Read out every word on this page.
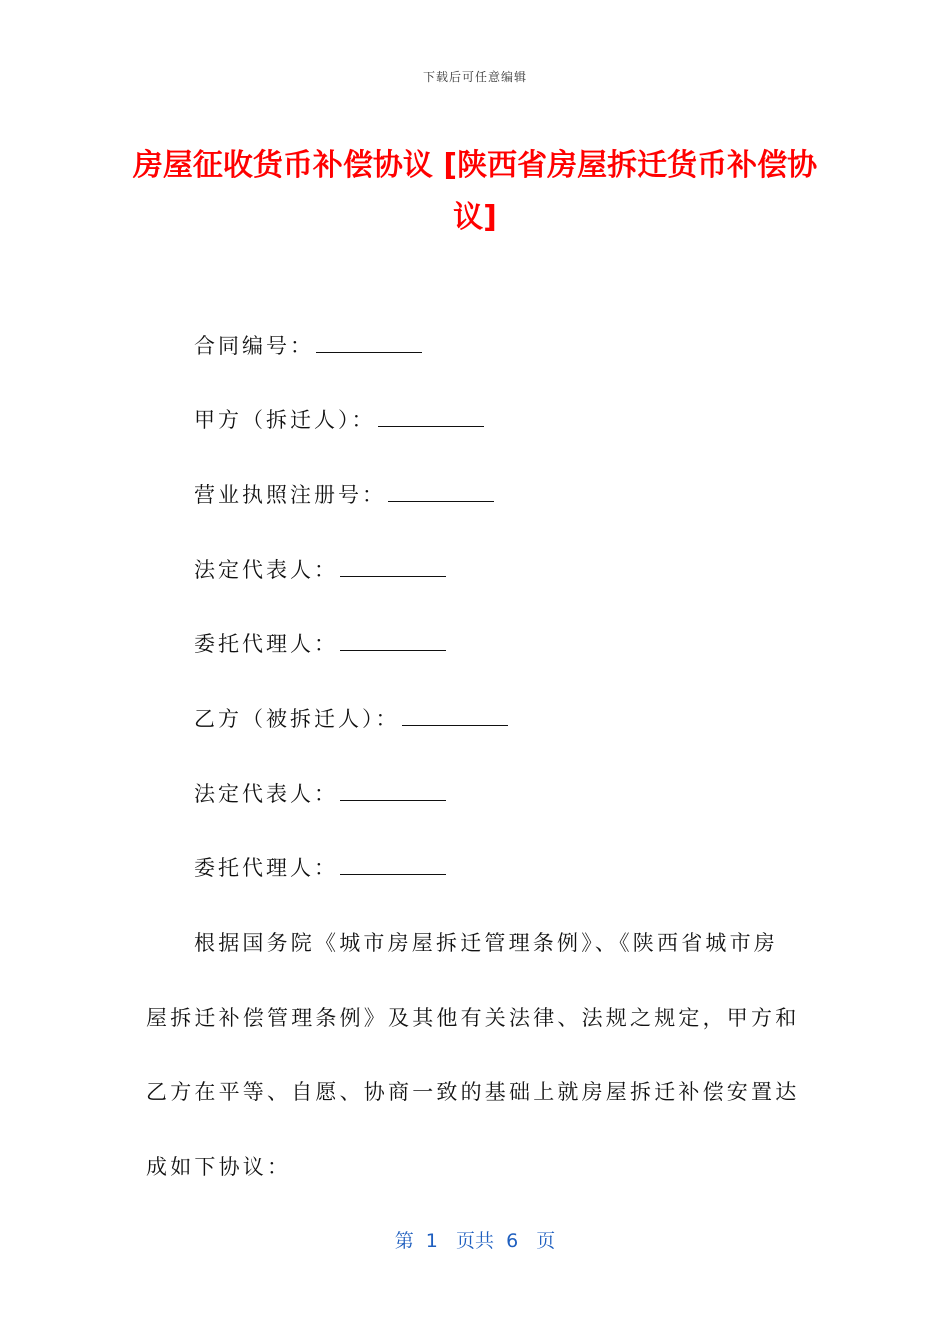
下载后可任意编辑
房屋征收货币补偿协议 [陕西省房屋拆迁货币补偿协议]
合同编号：
甲方（拆迁人）：
营业执照注册号：
法定代表人：
委托代理人：
乙方（被拆迁人）：
法定代表人：
委托代理人：
根据国务院《城市房屋拆迁管理条例》、《陕西省城市房
屋拆迁补偿管理条例》及其他有关法律、法规之规定，甲方和
乙方在平等、自愿、协商一致的基础上就房屋拆迁补偿安置达
成如下协议：
第  1   页共  6   页
